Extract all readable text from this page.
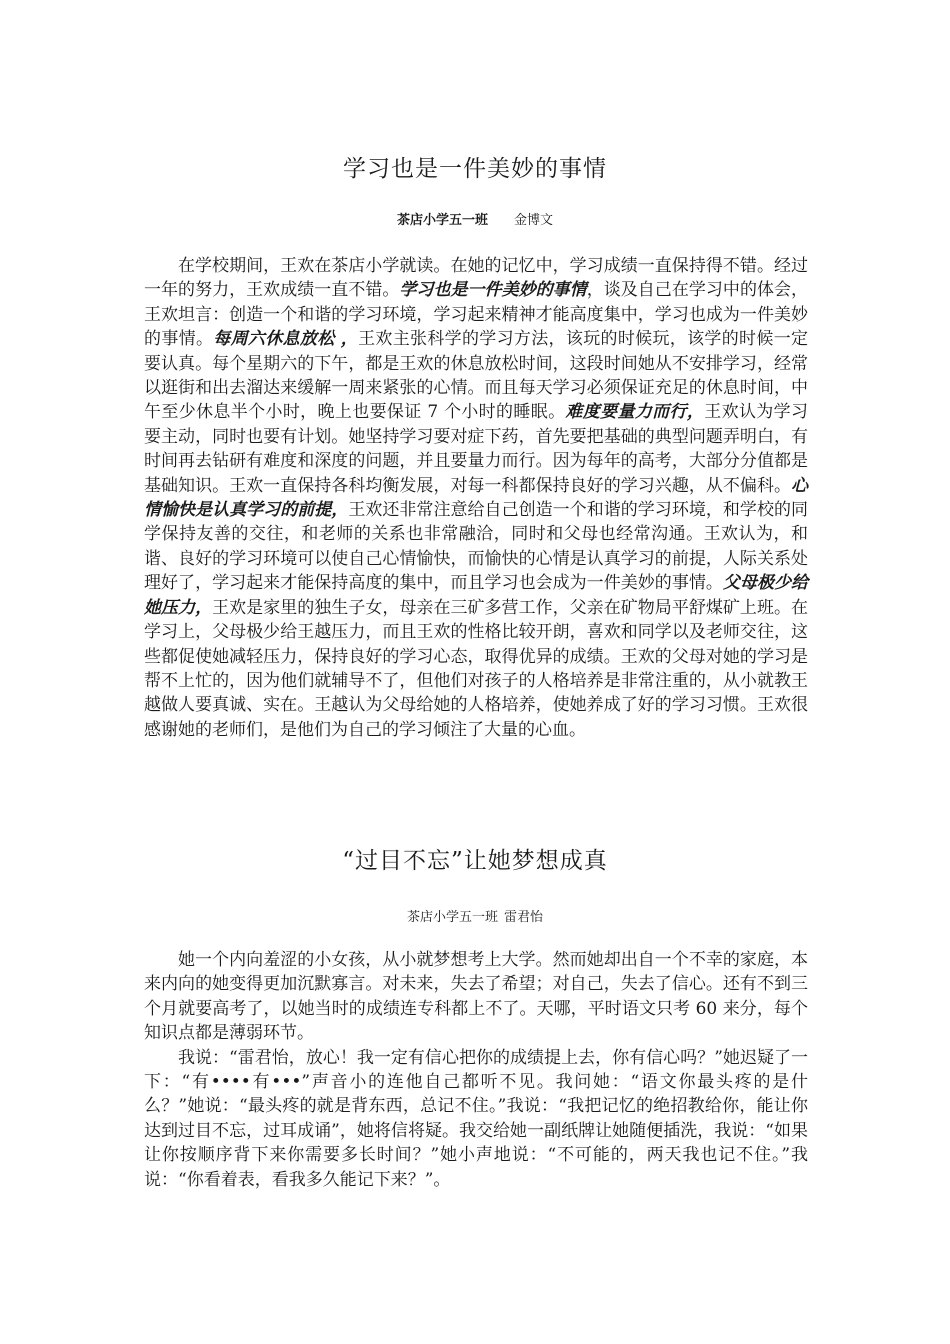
学习也是一件美妙的事情
茶店小学五一班 金博文

在学校期间，王欢在茶店小学就读。在她的记忆中，学习成绩一直保持得不错。经过一年的努力，王欢成绩一直不错。学习也是一件美妙的事情，谈及自己在学习中的体会，王欢坦言：创造一个和谐的学习环境，学习起来精神才能高度集中，学习也成为一件美妙的事情。每周六休息放松 ，王欢主张科学的学习方法，该玩的时候玩，该学的时候一定要认真。每个星期六的下午，都是王欢的休息放松时间，这段时间她从不安排学习，经常以逛街和出去溜达来缓解一周来紧张的心情。而且每天学习必须保证充足的休息时间，中午至少休息半个小时，晚上也要保证 7 个小时的睡眠。难度要量力而行，王欢认为学习要主动，同时也要有计划。她坚持学习要对症下药，首先要把基础的典型问题弄明白，有时间再去钻研有难度和深度的问题，并且要量力而行。因为每年的高考，大部分分值都是基础知识。王欢一直保持各科均衡发展，对每一科都保持良好的学习兴趣，从不偏科。心情愉快是认真学习的前提，王欢还非常注意给自己创造一个和谐的学习环境，和学校的同学保持友善的交往，和老师的关系也非常融洽，同时和父母也经常沟通。王欢认为，和谐、良好的学习环境可以使自己心情愉快，而愉快的心情是认真学习的前提，人际关系处理好了，学习起来才能保持高度的集中，而且学习也会成为一件美妙的事情。父母极少给她压力，王欢是家里的独生子女，母亲在三矿多营工作，父亲在矿物局平舒煤矿上班。在学习上，父母极少给王越压力，而且王欢的性格比较开朗，喜欢和同学以及老师交往，这些都促使她减轻压力，保持良好的学习心态，取得优异的成绩。王欢的父母对她的学习是帮不上忙的，因为他们就辅导不了，但他们对孩子的人格培养是非常注重的，从小就教王越做人要真诚、实在。王越认为父母给她的人格培养，使她养成了好的学习习惯。王欢很感谢她的老师们，是他们为自己的学习倾注了大量的心血。

“过目不忘”让她梦想成真
茶店小学五一班 雷君怡

她一个内向羞涩的小女孩，从小就梦想考上大学。然而她却出自一个不幸的家庭，本来内向的她变得更加沉默寡言。对未来，失去了希望；对自己，失去了信心。还有不到三个月就要高考了，以她当时的成绩连专科都上不了。天哪，平时语文只考 60 来分，每个知识点都是薄弱环节。

我说：“雷君怡，放心！我一定有信心把你的成绩提上去，你有信心吗？”她迟疑了一下：“有••••有•••”声音小的连他自己都听不见。我问她：“语文你最头疼的是什么？”她说：“最头疼的就是背东西，总记不住。”我说：“我把记忆的绝招教给你，能让你达到过目不忘，过耳成诵”，她将信将疑。我交给她一副纸牌让她随便插洗，我说：“如果让你按顺序背下来你需要多长时间？”她小声地说：“不可能的，两天我也记不住。”我说：“你看着表，看我多久能记下来？”。
